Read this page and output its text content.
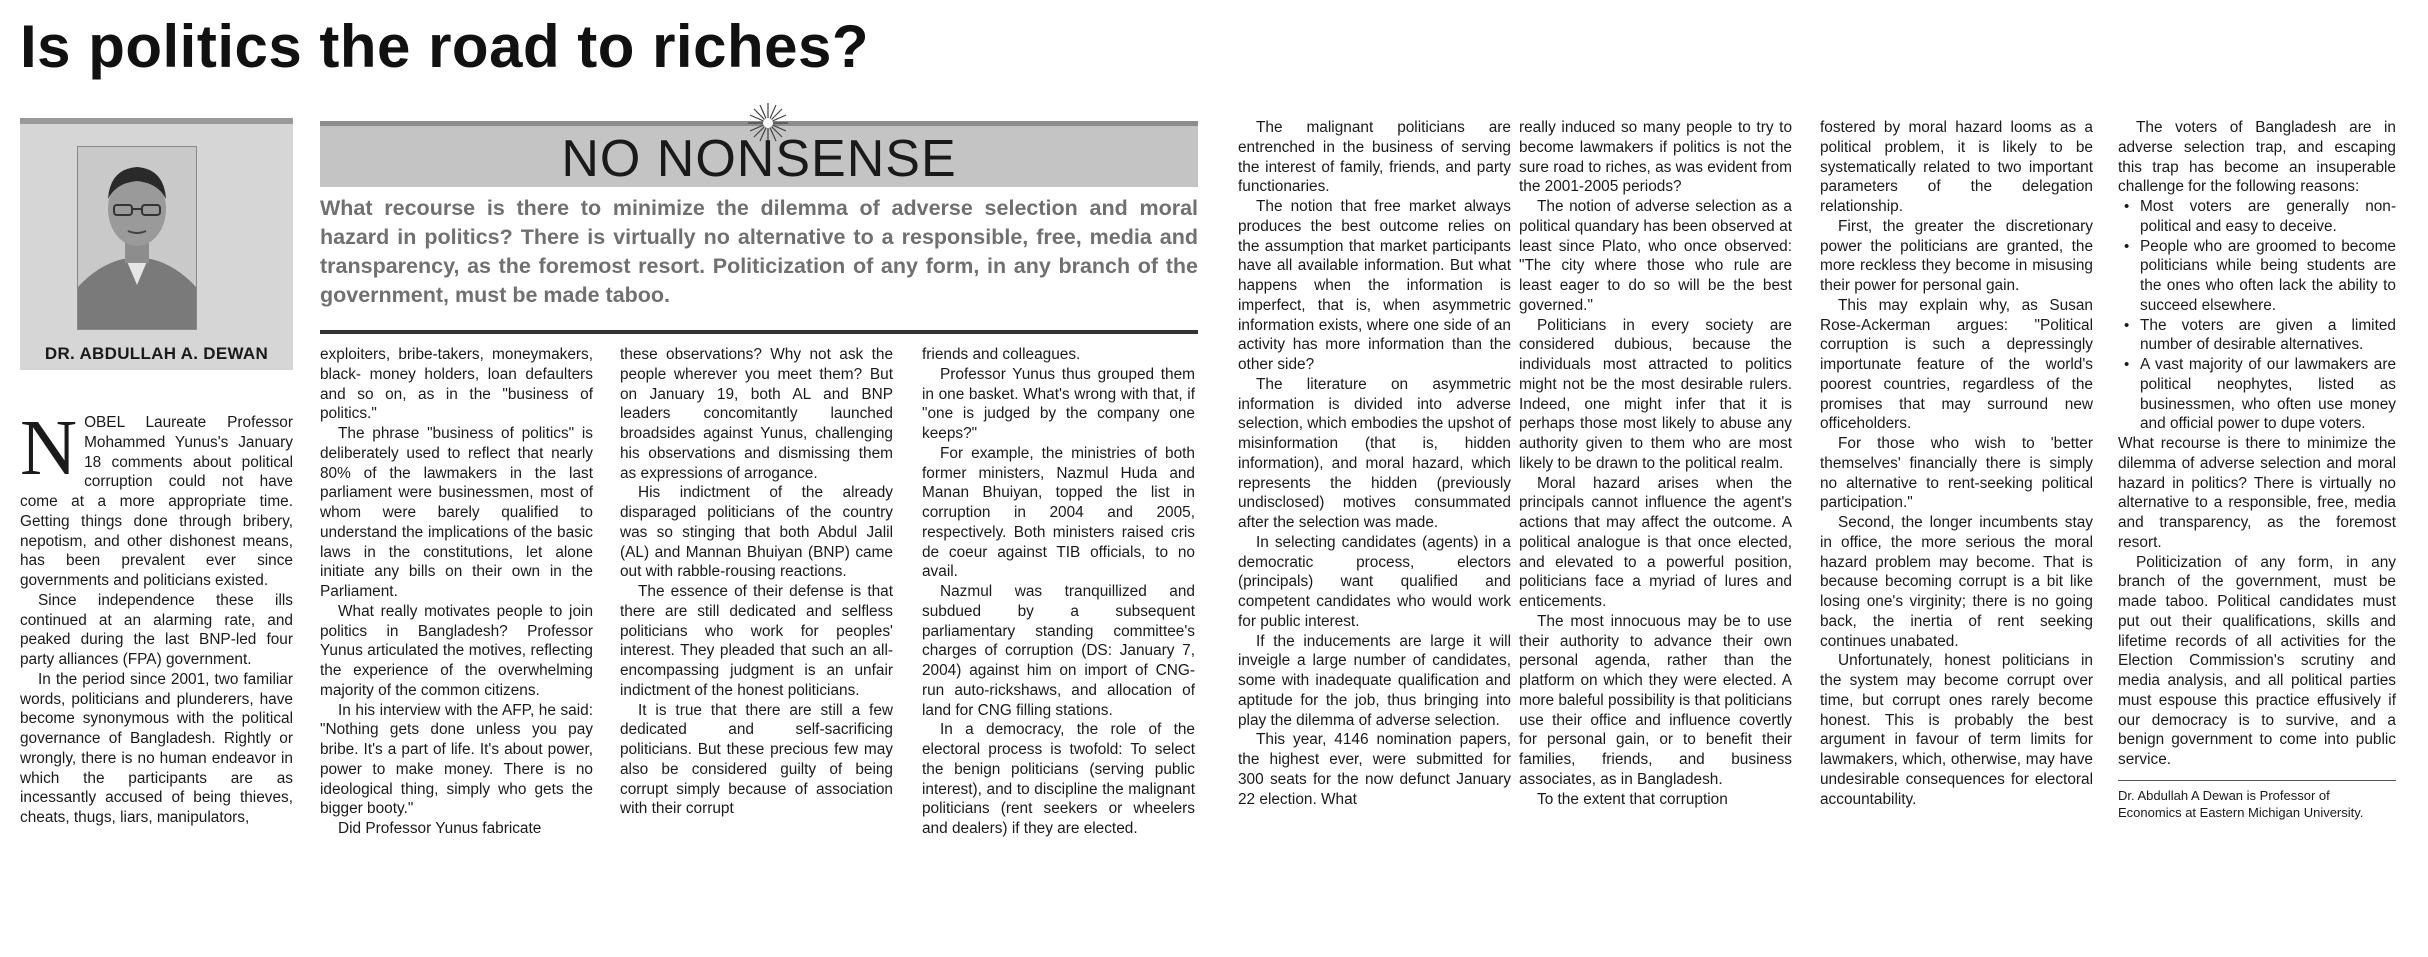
Is politics the road to riches?
DR. ABDULLAH A. DEWAN
NO NONSENSE

What recourse is there to minimize the dilemma of adverse selection and moral hazard in politics? There is virtually no alternative to a responsible, free, media and transparency, as the foremost resort. Politicization of any form, in any branch of the government, must be made taboo.

NOBEL Laureate Professor Mohammed Yunus's January 18 comments about political corruption could not have come at a more appropriate time. Getting things done through bribery, nepotism, and other dishonest means, has been prevalent ever since governments and politicians existed.

Since independence these ills continued at an alarming rate, and peaked during the last BNP-led four party alliances (FPA) government.

In the period since 2001, two familiar words, politicians and plunderers, have become synonymous with the political governance of Bangladesh. Rightly or wrongly, there is no human endeavor in which the participants are as incessantly accused of being thieves, cheats, thugs, liars, manipulators,

exploiters, bribe-takers, moneymakers, black- money holders, loan defaulters and so on, as in the "business of politics."

The phrase "business of politics" is deliberately used to reflect that nearly 80% of the lawmakers in the last parliament were businessmen, most of whom were barely qualified to understand the implications of the basic laws in the constitutions, let alone initiate any bills on their own in the Parliament.

What really motivates people to join politics in Bangladesh? Professor Yunus articulated the motives, reflecting the experience of the overwhelming majority of the common citizens.

In his interview with the AFP, he said: "Nothing gets done unless you pay bribe. It's a part of life. It's about power, power to make money. There is no ideological thing, simply who gets the bigger booty."

Did Professor Yunus fabricate

these observations? Why not ask the people wherever you meet them? But on January 19, both AL and BNP leaders concomitantly launched broadsides against Yunus, challenging his observations and dismissing them as expressions of arrogance.

His indictment of the already disparaged politicians of the country was so stinging that both Abdul Jalil (AL) and Mannan Bhuiyan (BNP) came out with rabble-rousing reactions.

The essence of their defense is that there are still dedicated and selfless politicians who work for peoples' interest. They pleaded that such an all-encompassing judgment is an unfair indictment of the honest politicians.

It is true that there are still a few dedicated and self-sacrificing politicians. But these precious few may also be considered guilty of being corrupt simply because of association with their corrupt

friends and colleagues.

Professor Yunus thus grouped them in one basket. What's wrong with that, if "one is judged by the company one keeps?"

For example, the ministries of both former ministers, Nazmul Huda and Manan Bhuiyan, topped the list in corruption in 2004 and 2005, respectively. Both ministers raised cris de coeur against TIB officials, to no avail.

Nazmul was tranquillized and subdued by a subsequent parliamentary standing committee's charges of corruption (DS: January 7, 2004) against him on import of CNG-run auto-rickshaws, and allocation of land for CNG filling stations.

In a democracy, the role of the electoral process is twofold: To select the benign politicians (serving public interest), and to discipline the malignant politicians (rent seekers or wheelers and dealers) if they are elected.

The malignant politicians are entrenched in the business of serving the interest of family, friends, and party functionaries.

The notion that free market always produces the best outcome relies on the assumption that market participants have all available information. But what happens when the information is imperfect, that is, when asymmetric information exists, where one side of an activity has more information than the other side?

The literature on asymmetric information is divided into adverse selection, which embodies the upshot of misinformation (that is, hidden information), and moral hazard, which represents the hidden (previously undisclosed) motives consummated after the selection was made.

In selecting candidates (agents) in a democratic process, electors (principals) want qualified and competent candidates who would work for public interest.

If the inducements are large it will inveigle a large number of candidates, some with inadequate qualification and aptitude for the job, thus bringing into play the dilemma of adverse selection.

This year, 4146 nomination papers, the highest ever, were submitted for 300 seats for the now defunct January 22 election. What

really induced so many people to try to become lawmakers if politics is not the sure road to riches, as was evident from the 2001-2005 periods?

The notion of adverse selection as a political quandary has been observed at least since Plato, who once observed: "The city where those who rule are least eager to do so will be the best governed."

Politicians in every society are considered dubious, because the individuals most attracted to politics might not be the most desirable rulers. Indeed, one might infer that it is perhaps those most likely to abuse any authority given to them who are most likely to be drawn to the political realm.

Moral hazard arises when the principals cannot influence the agent's actions that may affect the outcome. A political analogue is that once elected, and elevated to a powerful position, politicians face a myriad of lures and enticements.

The most innocuous may be to use their authority to advance their own personal agenda, rather than the platform on which they were elected. A more baleful possibility is that politicians use their office and influence covertly for personal gain, or to benefit their families, friends, and business associates, as in Bangladesh.

To the extent that corruption

fostered by moral hazard looms as a political problem, it is likely to be systematically related to two important parameters of the delegation relationship.

First, the greater the discretionary power the politicians are granted, the more reckless they become in misusing their power for personal gain.

This may explain why, as Susan Rose-Ackerman argues: "Political corruption is such a depressingly importunate feature of the world's poorest countries, regardless of the promises that may surround new officeholders.

For those who wish to 'better themselves' financially there is simply no alternative to rent-seeking political participation."

Second, the longer incumbents stay in office, the more serious the moral hazard problem may become. That is because becoming corrupt is a bit like losing one's virginity; there is no going back, the inertia of rent seeking continues unabated.

Unfortunately, honest politicians in the system may become corrupt over time, but corrupt ones rarely become honest. This is probably the best argument in favour of term limits for lawmakers, which, otherwise, may have undesirable consequences for electoral accountability.

The voters of Bangladesh are in adverse selection trap, and escaping this trap has become an insuperable challenge for the following reasons:

• Most voters are generally non-political and easy to deceive.
• People who are groomed to become politicians while being students are the ones who often lack the ability to succeed elsewhere.
• The voters are given a limited number of desirable alternatives.
• A vast majority of our lawmakers are political neophytes, listed as businessmen, who often use money and official power to dupe voters.

What recourse is there to minimize the dilemma of adverse selection and moral hazard in politics? There is virtually no alternative to a responsible, free, media and transparency, as the foremost resort.

Politicization of any form, in any branch of the government, must be made taboo. Political candidates must put out their qualifications, skills and lifetime records of all activities for the Election Commission's scrutiny and media analysis, and all political parties must espouse this practice effusively if our democracy is to survive, and a benign government to come into public service.

Dr. Abdullah A Dewan is Professor of Economics at Eastern Michigan University.
